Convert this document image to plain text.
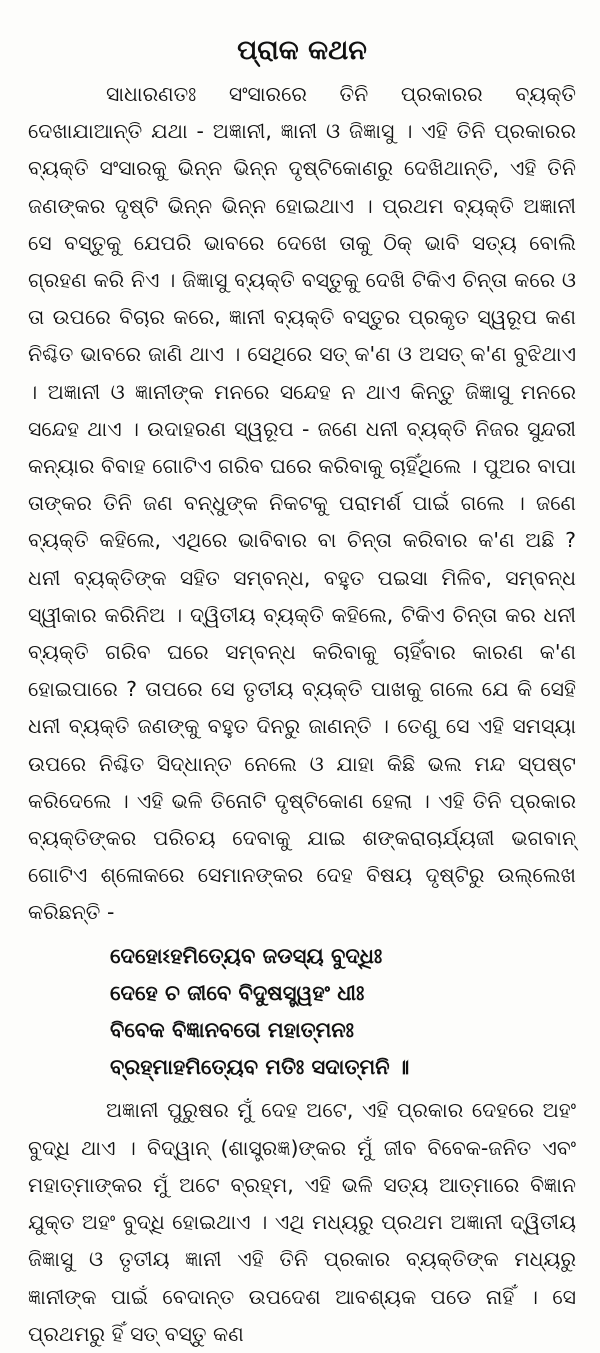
ପ୍ରାକ କଥନ

ସାଧାରଣତଃ ସଂସାରରେ ତିନି ପ୍ରକାରର ବ୍ୟକ୍ତି ଦେଖାଯାଆନ୍ତି ଯଥା - ଅଜ୍ଞାନୀ, ଜ୍ଞାନୀ ଓ ଜିଜ୍ଞାସୁ । ଏହି ତିନି ପ୍ରକାରର ବ୍ୟକ୍ତି ସଂସାରକୁ ଭିନ୍ନ ଭିନ୍ନ ଦୃଷ୍ଟିକୋଣରୁ ଦେଖିଥାନ୍ତି, ଏହି ତିନି ଜଣଙ୍କର ଦୃଷ୍ଟି ଭିନ୍ନ ଭିନ୍ନ ହୋଇଥାଏ । ପ୍ରଥମ ବ୍ୟକ୍ତି ଅଜ୍ଞାନୀ ସେ ବସ୍ତୁକୁ ଯେପରି ଭାବରେ ଦେଖେ ତାକୁ ଠିକ୍ ଭାବି ସତ୍ୟ ବୋଲି ଗ୍ରହଣ କରି ନିଏ । ଜିଜ୍ଞାସୁ ବ୍ୟକ୍ତି ବସ୍ତୁକୁ ଦେଖି ଟିକିଏ ଚିନ୍ତା କରେ ଓ ତା ଉପରେ ବିଚାର କରେ, ଜ୍ଞାନୀ ବ୍ୟକ୍ତି ବସ୍ତୁର ପ୍ରକୃତ ସ୍ୱରୂପ କଣ ନିଶ୍ଚିତ ଭାବରେ ଜାଣି ଥାଏ । ସେଥିରେ ସତ୍ କ'ଣ ଓ ଅସତ୍ କ'ଣ ବୁଝିଥାଏ । ଅଜ୍ଞାନୀ ଓ ଜ୍ଞାନୀଙ୍କ ମନରେ ସନ୍ଦେହ ନ ଥାଏ କିନ୍ତୁ ଜିଜ୍ଞାସୁ ମନରେ ସନ୍ଦେହ ଥାଏ । ଉଦାହରଣ ସ୍ୱରୂପ - ଜଣେ ଧନୀ ବ୍ୟକ୍ତି ନିଜର ସୁନ୍ଦରୀ କନ୍ୟାର ବିବାହ ଗୋଟିଏ ଗରିବ ଘରେ କରିବାକୁ ଚାହିଁଥିଲେ । ପୁଅର ବାପା ତାଙ୍କର ତିନି ଜଣ ବନ୍ଧୁଙ୍କ ନିକଟକୁ ପରାମର୍ଶ ପାଇଁ ଗଲେ । ଜଣେ ବ୍ୟକ୍ତି କହିଲେ, ଏଥିରେ ଭାବିବାର ବା ଚିନ୍ତା କରିବାର କ'ଣ ଅଛି ? ଧନୀ ବ୍ୟକ୍ତିଙ୍କ ସହିତ ସମ୍ବନ୍ଧ, ବହୁତ ପଇସା ମିଳିବ, ସମ୍ବନ୍ଧ ସ୍ୱୀକାର କରିନିଅ । ଦ୍ୱିତୀୟ ବ୍ୟକ୍ତି କହିଲେ, ଟିକିଏ ଚିନ୍ତା କର ଧନୀ ବ୍ୟକ୍ତି ଗରିବ ଘରେ ସମ୍ବନ୍ଧ କରିବାକୁ ଚାହିଁବାର କାରଣ କ'ଣ ହୋଇପାରେ ? ତାପରେ ସେ ତୃତୀୟ ବ୍ୟକ୍ତି ପାଖକୁ ଗଲେ ଯେ କି ସେହି ଧନୀ ବ୍ୟକ୍ତି ଜଣଙ୍କୁ ବହୁତ ଦିନରୁ ଜାଣନ୍ତି । ତେଣୁ ସେ ଏହି ସମସ୍ୟା ଉପରେ ନିଶ୍ଚିତ ସିଦ୍ଧାନ୍ତ ନେଲେ ଓ ଯାହା କିଛି ଭଲ ମନ୍ଦ ସ୍ପଷ୍ଟ କରିଦେଲେ । ଏହି ଭଳି ତିନୋଟି ଦୃଷ୍ଟିକୋଣ ହେଲା । ଏହି ତିନି ପ୍ରକାର ବ୍ୟକ୍ତିଙ୍କର ପରିଚୟ ଦେବାକୁ ଯାଇ ଶଙ୍କରାଚାର୍ଯ୍ୟଜୀ ଭଗବାନ୍ ଗୋଟିଏ ଶ୍ଳୋକରେ ସେମାନଙ୍କର ଦେହ ବିଷୟ ଦୃଷ୍ଟିରୁ ଉଲ୍ଲେଖ କରିଛନ୍ତି -

ଦେହୋଽହମିତ୍ୟେବ ଜଡସ୍ୟ ବୁଦ୍ଧିଃ

ଦେହେ ଚ ଜୀବେ ବିଦୁଷସ୍ତ୍ୱହଂ ଧୀଃ

ବିବେକ ବିଜ୍ଞାନବତୋ ମହାତ୍ମନଃ

ବ୍ରହ୍ମାହମିତ୍ୟେବ ମତିଃ ସଦାତ୍ମନି ॥

ଅଜ୍ଞାନୀ ପୁରୁଷର ମୁଁ ଦେହ ଅଟେ, ଏହି ପ୍ରକାର ଦେହରେ ଅହଂ ବୁଦ୍ଧି ଥାଏ । ବିଦ୍ୱାନ୍ (ଶାସ୍ତ୍ରଜ୍ଞ)ଙ୍କର ମୁଁ ଜୀବ ବିବେକ-ଜନିତ ଏବଂ ମହାତ୍ମାଙ୍କର ମୁଁ ଅଟେ ବ୍ରହ୍ମ, ଏହି ଭଳି ସତ୍ୟ ଆତ୍ମାରେ ବିଜ୍ଞାନ ଯୁକ୍ତ ଅହଂ ବୁଦ୍ଧି ହୋଇଥାଏ । ଏଥି ମଧ୍ୟରୁ ପ୍ରଥମ ଅଜ୍ଞାନୀ ଦ୍ୱିତୀୟ ଜିଜ୍ଞାସୁ ଓ ତୃତୀୟ ଜ୍ଞାନୀ ଏହି ତିନି ପ୍ରକାର ବ୍ୟକ୍ତିଙ୍କ ମଧ୍ୟରୁ ଜ୍ଞାନୀଙ୍କ ପାଇଁ ବେଦାନ୍ତ ଉପଦେଶ ଆବଶ୍ୟକ ପଡେ ନାହିଁ । ସେ ପ୍ରଥମରୁ ହିଁ ସତ୍ ବସ୍ତୁ କଣ
